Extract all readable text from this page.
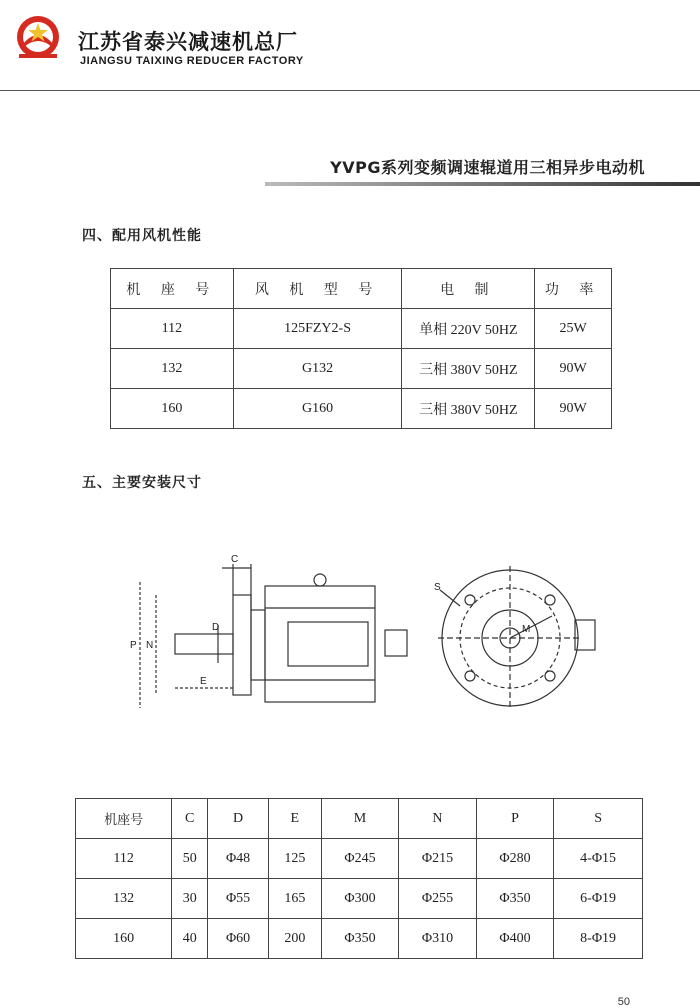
江苏省泰兴减速机总厂
JIANGSU TAIXING REDUCER FACTORY
YVPG系列变频调速辊道用三相异步电动机
四、配用风机性能
机 座 号	风 机 型 号	电 制	功 率
112	125FZY2-S	单相 220V 50HZ	25W
132	G132	三相 380V 50HZ	90W
160	G160	三相 380V 50HZ	90W
五、主要安装尺寸
C
D
E
P N
M
S
机座号	C	D	E	M	N	P	S
112	50	Φ48	125	Φ245	Φ215	Φ280	4-Φ15
132	30	Φ55	165	Φ300	Φ255	Φ350	6-Φ19
160	40	Φ60	200	Φ350	Φ310	Φ400	8-Φ19
50
